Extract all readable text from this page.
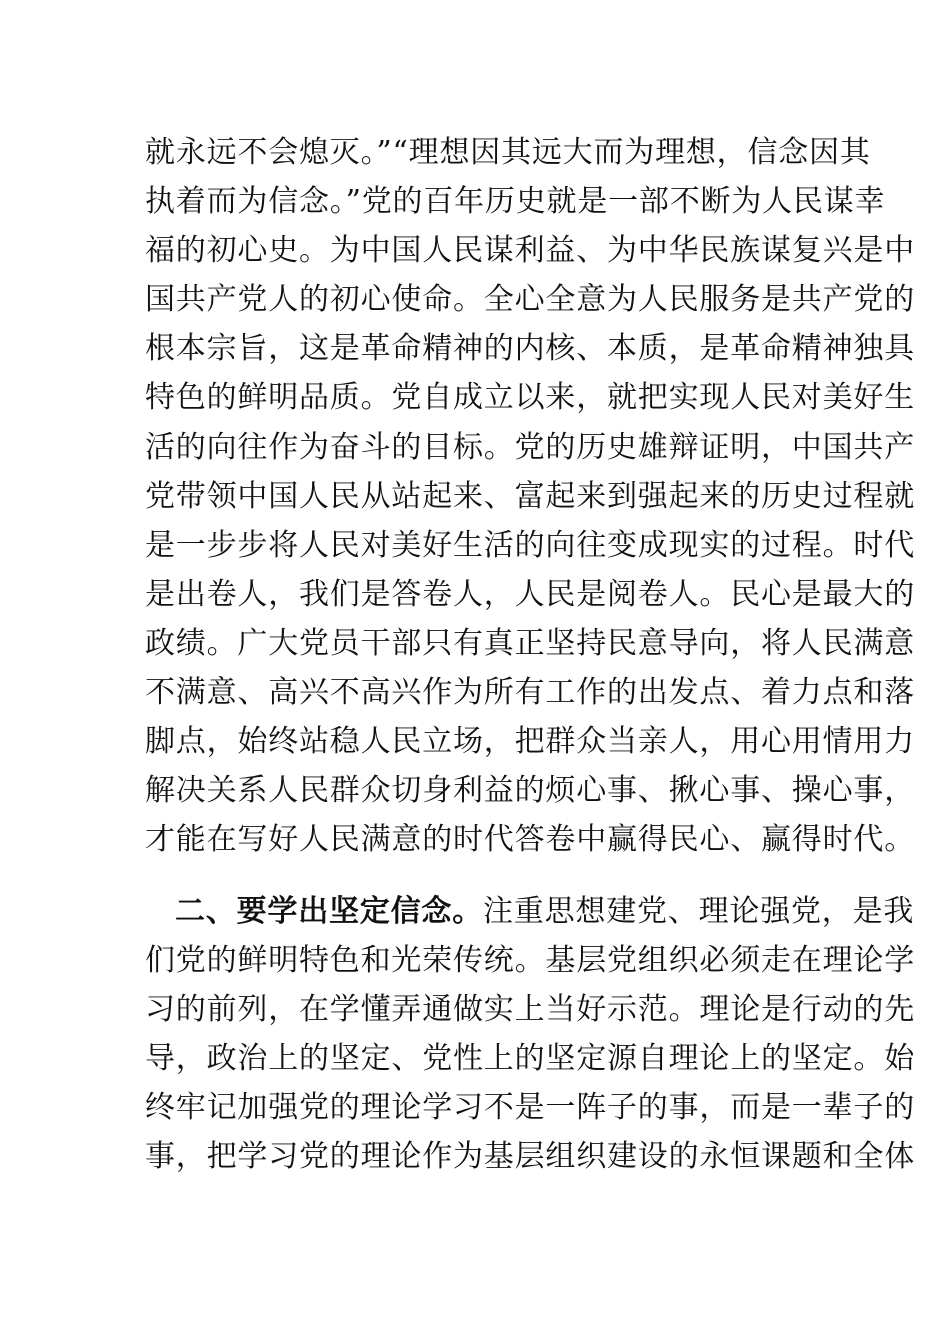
就永远不会熄灭。”“理想因其远大而为理想，信念因其
执着而为信念。”党的百年历史就是一部不断为人民谋幸
福的初心史。为中国人民谋利益、为中华民族谋复兴是中
国共产党人的初心使命。全心全意为人民服务是共产党的
根本宗旨，这是革命精神的内核、本质，是革命精神独具
特色的鲜明品质。党自成立以来，就把实现人民对美好生
活的向往作为奋斗的目标。党的历史雄辩证明，中国共产
党带领中国人民从站起来、富起来到强起来的历史过程就
是一步步将人民对美好生活的向往变成现实的过程。时代
是出卷人，我们是答卷人，人民是阅卷人。民心是最大的
政绩。广大党员干部只有真正坚持民意导向，将人民满意
不满意、高兴不高兴作为所有工作的出发点、着力点和落
脚点，始终站稳人民立场，把群众当亲人，用心用情用力
解决关系人民群众切身利益的烦心事、揪心事、操心事，
才能在写好人民满意的时代答卷中赢得民心、赢得时代。

二、要学出坚定信念。注重思想建党、理论强党，是我
们党的鲜明特色和光荣传统。基层党组织必须走在理论学
习的前列，在学懂弄通做实上当好示范。理论是行动的先
导，政治上的坚定、党性上的坚定源自理论上的坚定。始
终牢记加强党的理论学习不是一阵子的事，而是一辈子的
事，把学习党的理论作为基层组织建设的永恒课题和全体
